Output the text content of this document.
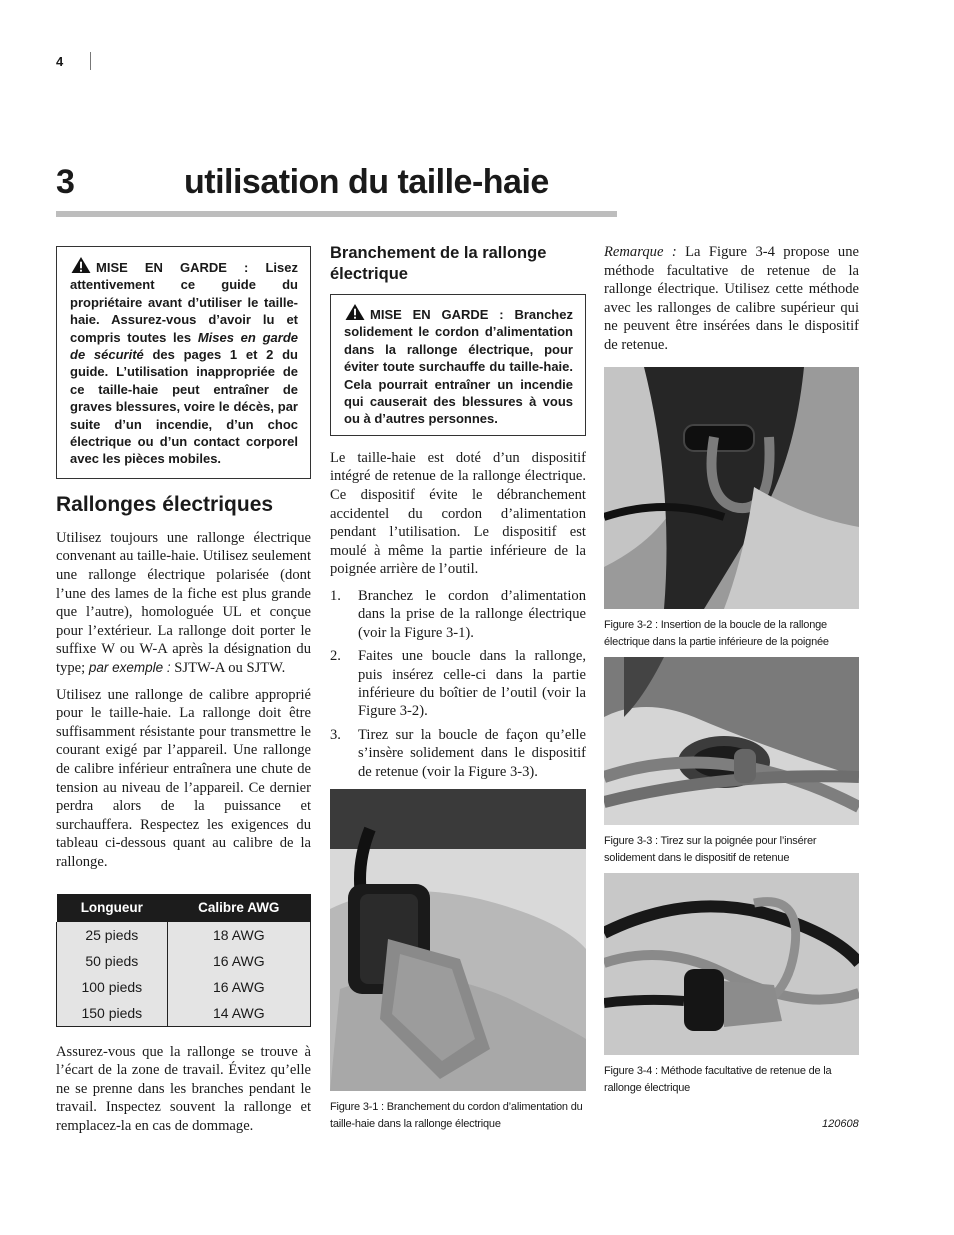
4
3	utilisation du taille-haie
MISE EN GARDE : Lisez attentivement ce guide du propriétaire avant d’utiliser le taille-haie. Assurez-vous d’avoir lu et compris toutes les Mises en garde de sécurité des pages 1 et 2 du guide. L’utilisation inappropriée de ce taille-haie peut entraîner de graves blessures, voire le décès, par suite d’un incendie, d’un choc électrique ou d’un contact corporel avec les pièces mobiles.
Rallonges électriques

Utilisez toujours une rallonge électrique convenant au taille-haie. Utilisez seulement une rallonge électrique polarisée (dont l’une des lames de la fiche est plus grande que l’autre), homologuée UL et conçue pour l’extérieur. La rallonge doit porter le suffixe W ou W-A après la désignation du type; par exemple : SJTW-A ou SJTW.

Utilisez une rallonge de calibre approprié pour le taille-haie. La rallonge doit être suffisamment résistante pour transmettre le courant exigé par l’appareil. Une rallonge de calibre inférieur entraînera une chute de tension au niveau de l’appareil. Ce dernier perdra alors de la puissance et surchauffera. Respectez les exigences du tableau ci-dessous quant au calibre de la rallonge.

Longueur	Calibre AWG
25 pieds	18 AWG
50 pieds	16 AWG
100 pieds	16 AWG
150 pieds	14 AWG

Assurez-vous que la rallonge se trouve à l’écart de la zone de travail. Évitez qu’elle ne se prenne dans les branches pendant le travail. Inspectez souvent la rallonge et remplacez-la en cas de dommage.

Branchement de la rallonge électrique
MISE EN GARDE : Branchez solidement le cordon d’alimentation dans la rallonge électrique, pour éviter toute surchauffe du taille-haie. Cela pourrait entraîner un incendie qui causerait des blessures à vous ou à d’autres personnes.

Le taille-haie est doté d’un dispositif intégré de retenue de la rallonge électrique. Ce dispositif évite le débranchement accidentel du cordon d’alimentation pendant l’utilisation. Le dispositif est moulé à même la partie inférieure de la poignée arrière de l’outil.

1. Branchez le cordon d’alimentation dans la prise de la rallonge électrique (voir la Figure 3-1).
2. Faites une boucle dans la rallonge, puis insérez celle-ci dans la partie inférieure du boîtier de l’outil (voir la Figure 3-2).
3. Tirez sur la boucle de façon qu’elle s’insère solidement dans le dispositif de retenue (voir la Figure 3-3).

Figure 3-1 : Branchement du cordon d’alimentation du taille-haie dans la rallonge électrique

Remarque : La Figure 3-4 propose une méthode facultative de retenue de la rallonge électrique. Utilisez cette méthode avec les rallonges de calibre supérieur qui ne peuvent être insérées dans le dispositif de retenue.

Figure 3-2 : Insertion de la boucle de la rallonge électrique dans la partie inférieure de la poignée

Figure 3-3 : Tirez sur la poignée pour l’insérer solidement dans le dispositif de retenue

Figure 3-4 : Méthode facultative de retenue de la rallonge électrique

120608
